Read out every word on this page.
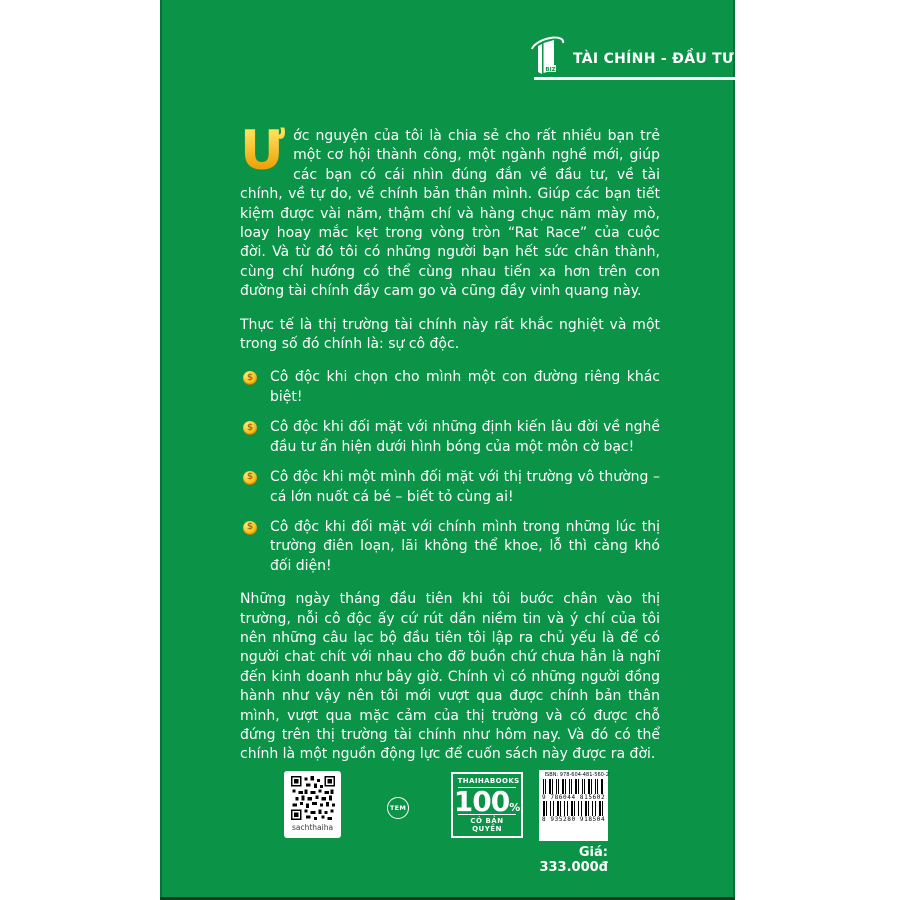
BIZ
TÀI CHÍNH - ĐẦU TƯ

Ư ớc nguyện của tôi là chia sẻ cho rất nhiều bạn trẻ một cơ hội thành công, một ngành nghề mới, giúp các bạn có cái nhìn đúng đắn về đầu tư, về tài chính, về tự do, về chính bản thân mình. Giúp các bạn tiết kiệm được vài năm, thậm chí và hàng chục năm mày mò, loay hoay mắc kẹt trong vòng tròn “Rat Race” của cuộc đời. Và từ đó tôi có những người bạn hết sức chân thành, cùng chí hướng có thể cùng nhau tiến xa hơn trên con đường tài chính đầy cam go và cũng đầy vinh quang này.

Thực tế là thị trường tài chính này rất khắc nghiệt và một trong số đó chính là: sự cô độc.

$ Cô độc khi chọn cho mình một con đường riêng khác biệt!
$ Cô độc khi đối mặt với những định kiến lâu đời về nghề đầu tư ẩn hiện dưới hình bóng của một môn cờ bạc!
$ Cô độc khi một mình đối mặt với thị trường vô thường – cá lớn nuốt cá bé – biết tỏ cùng ai!
$ Cô độc khi đối mặt với chính mình trong những lúc thị trường điên loạn, lãi không thể khoe, lỗ thì càng khó đối diện!

Những ngày tháng đầu tiên khi tôi bước chân vào thị trường, nỗi cô độc ấy cứ rút dần niềm tin và ý chí của tôi nên những câu lạc bộ đầu tiên tôi lập ra chủ yếu là để có người chat chít với nhau cho đỡ buồn chứ chưa hẳn là nghĩ đến kinh doanh như bây giờ. Chính vì có những người đồng hành như vậy nên tôi mới vượt qua được chính bản thân mình, vượt qua mặc cảm của thị trường và có được chỗ đứng trên thị trường tài chính như hôm nay. Và đó có thể chính là một nguồn động lực để cuốn sách này được ra đời.

sachthaiha
TEM
THAIHABOOKS
100 %
CÓ BẢN QUYỀN
ISBN: 978-604-481-560-2
9 786044 815602
8 935280 918504
Giá: 333.000đ
